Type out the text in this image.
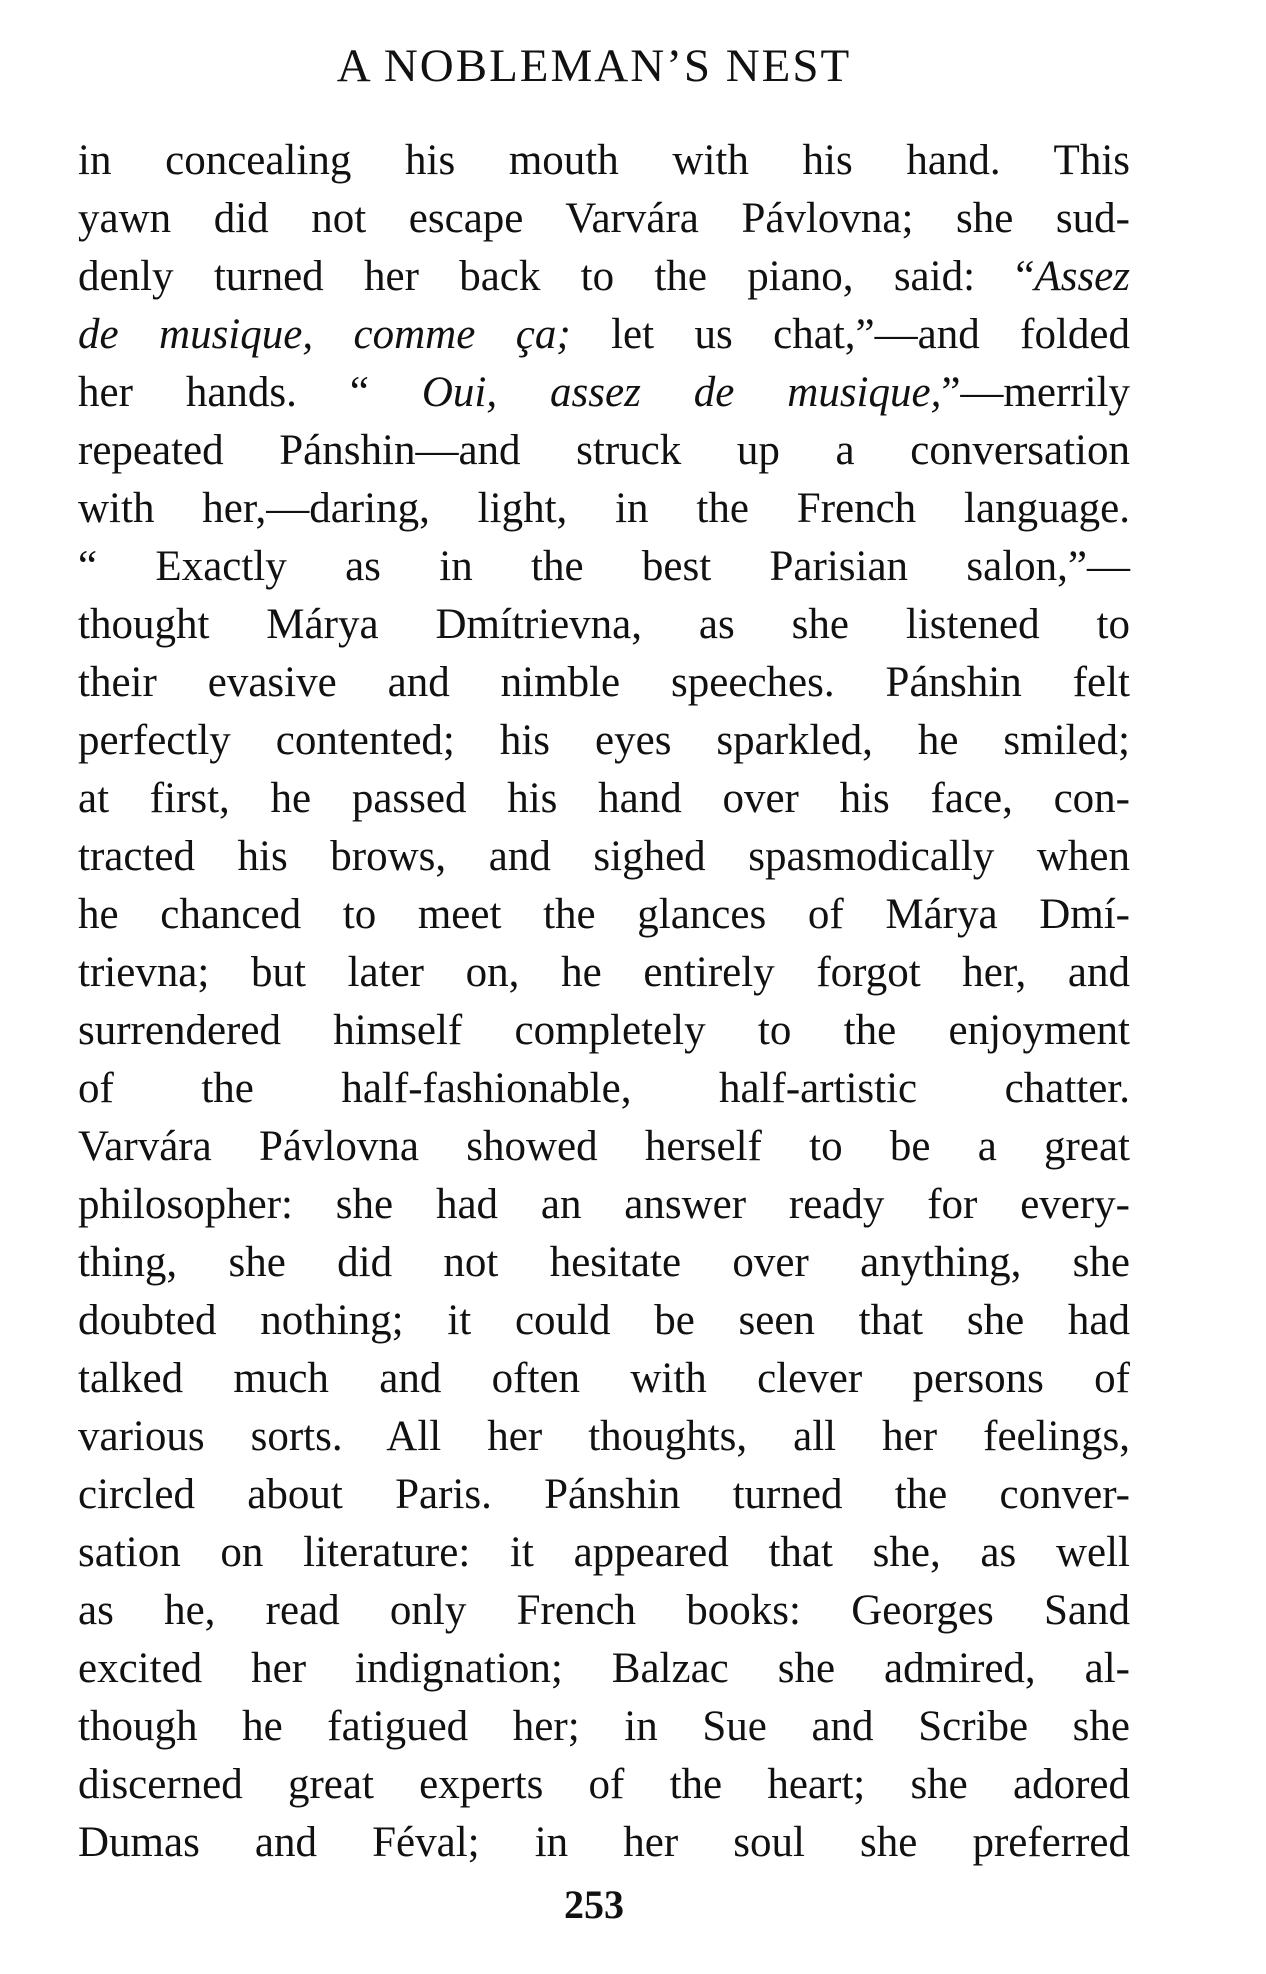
A NOBLEMAN’S NEST
in concealing his mouth with his hand. This
yawn did not escape Varvára Pávlovna; she sud-
denly turned her back to the piano, said: “Assez
de musique, comme ça; let us chat,”—and folded
her hands. “ Oui, assez de musique,”—merrily
repeated Pánshin—and struck up a conversation
with her,—daring, light, in the French language.
“ Exactly as in the best Parisian salon,”—
thought Márya Dmítrievna, as she listened to
their evasive and nimble speeches. Pánshin felt
perfectly contented; his eyes sparkled, he smiled;
at first, he passed his hand over his face, con-
tracted his brows, and sighed spasmodically when
he chanced to meet the glances of Márya Dmí-
trievna; but later on, he entirely forgot her, and
surrendered himself completely to the enjoyment
of the half-fashionable, half-artistic chatter.
Varvára Pávlovna showed herself to be a great
philosopher: she had an answer ready for every-
thing, she did not hesitate over anything, she
doubted nothing; it could be seen that she had
talked much and often with clever persons of
various sorts. All her thoughts, all her feelings,
circled about Paris. Pánshin turned the conver-
sation on literature: it appeared that she, as well
as he, read only French books: Georges Sand
excited her indignation; Balzac she admired, al-
though he fatigued her; in Sue and Scribe she
discerned great experts of the heart; she adored
Dumas and Féval; in her soul she preferred
253
